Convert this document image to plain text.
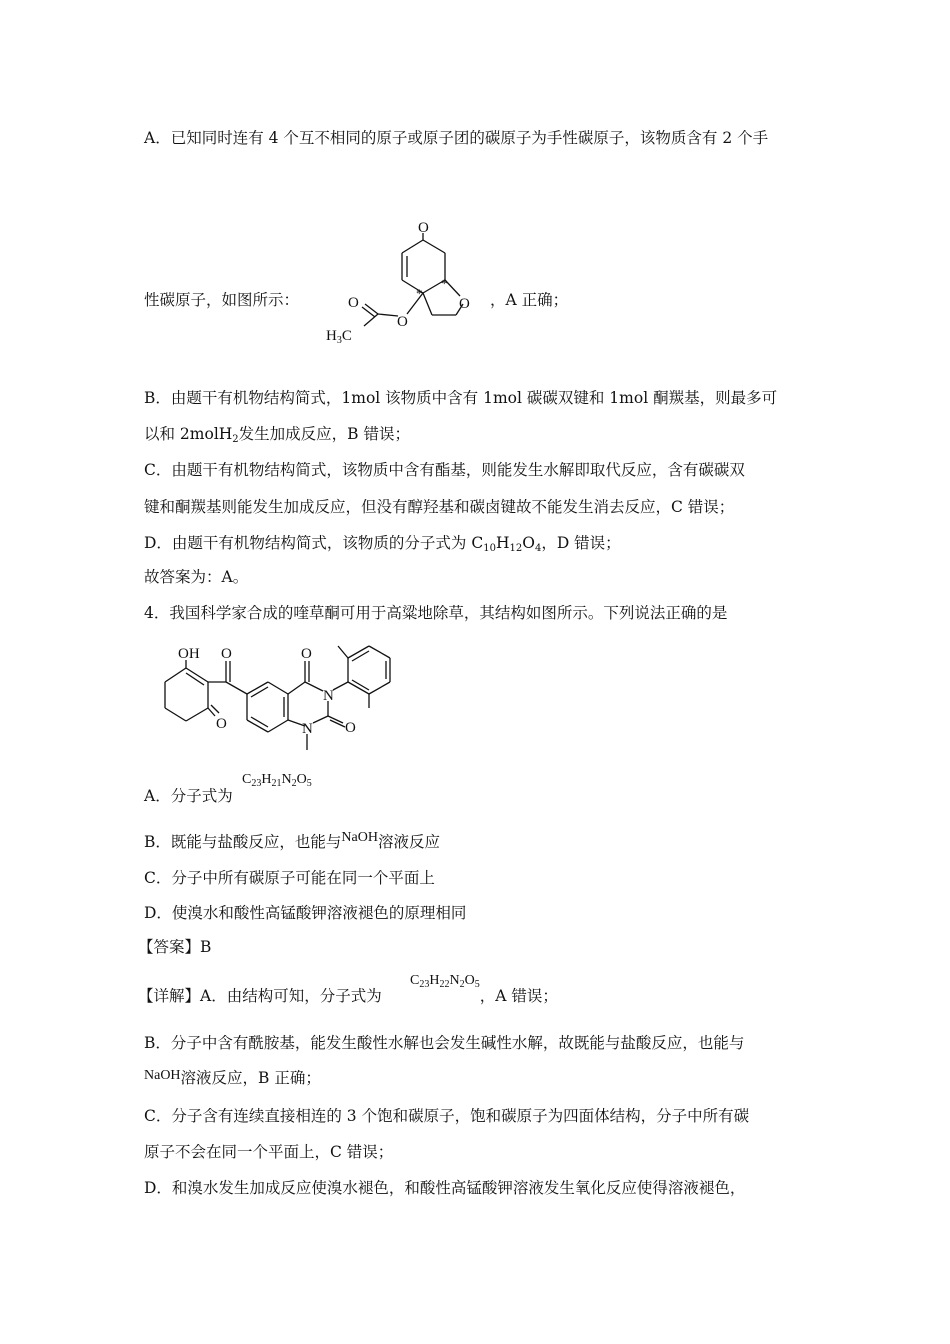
A．已知同时连有 4 个互不相同的原子或原子团的碳原子为手性碳原子，该物质含有 2 个手
性碳原子，如图所示：
O
O
O
O
$H_3C$
*
*
，A 正确；
B．由题干有机物结构简式，1mol 该物质中含有 1mol 碳碳双键和 1mol 酮羰基，则最多可
以和 2molH$_2$发生加成反应，B 错误；
C．由题干有机物结构简式，该物质中含有酯基，则能发生水解即取代反应，含有碳碳双
键和酮羰基则能发生加成反应，但没有醇羟基和碳卤键故不能发生消去反应，C 错误；
D．由题干有机物结构简式，该物质的分子式为 $C_{10}H_{12}O_4$，D 错误；
故答案为：A。
4．我国科学家合成的喹草酮可用于高粱地除草，其结构如图所示。下列说法正确的是
OH O
O
O
N
N O
A．分子式为
$C_{23}H_{21}N_2O_5$
B．既能与盐酸反应，也能与NaOH溶液反应
C．分子中所有碳原子可能在同一个平面上
D．使溴水和酸性高锰酸钾溶液褪色的原理相同
【答案】B
【详解】A．由结构可知，分子式为	，A 错误；
$C_{23}H_{22}N_2O_5$
B．分子中含有酰胺基，能发生酸性水解也会发生碱性水解，故既能与盐酸反应，也能与
NaOH溶液反应，B 正确；
C．分子含有连续直接相连的 3 个饱和碳原子，饱和碳原子为四面体结构，分子中所有碳
原子不会在同一个平面上，C 错误；
D．和溴水发生加成反应使溴水褪色，和酸性高锰酸钾溶液发生氧化反应使得溶液褪色，
